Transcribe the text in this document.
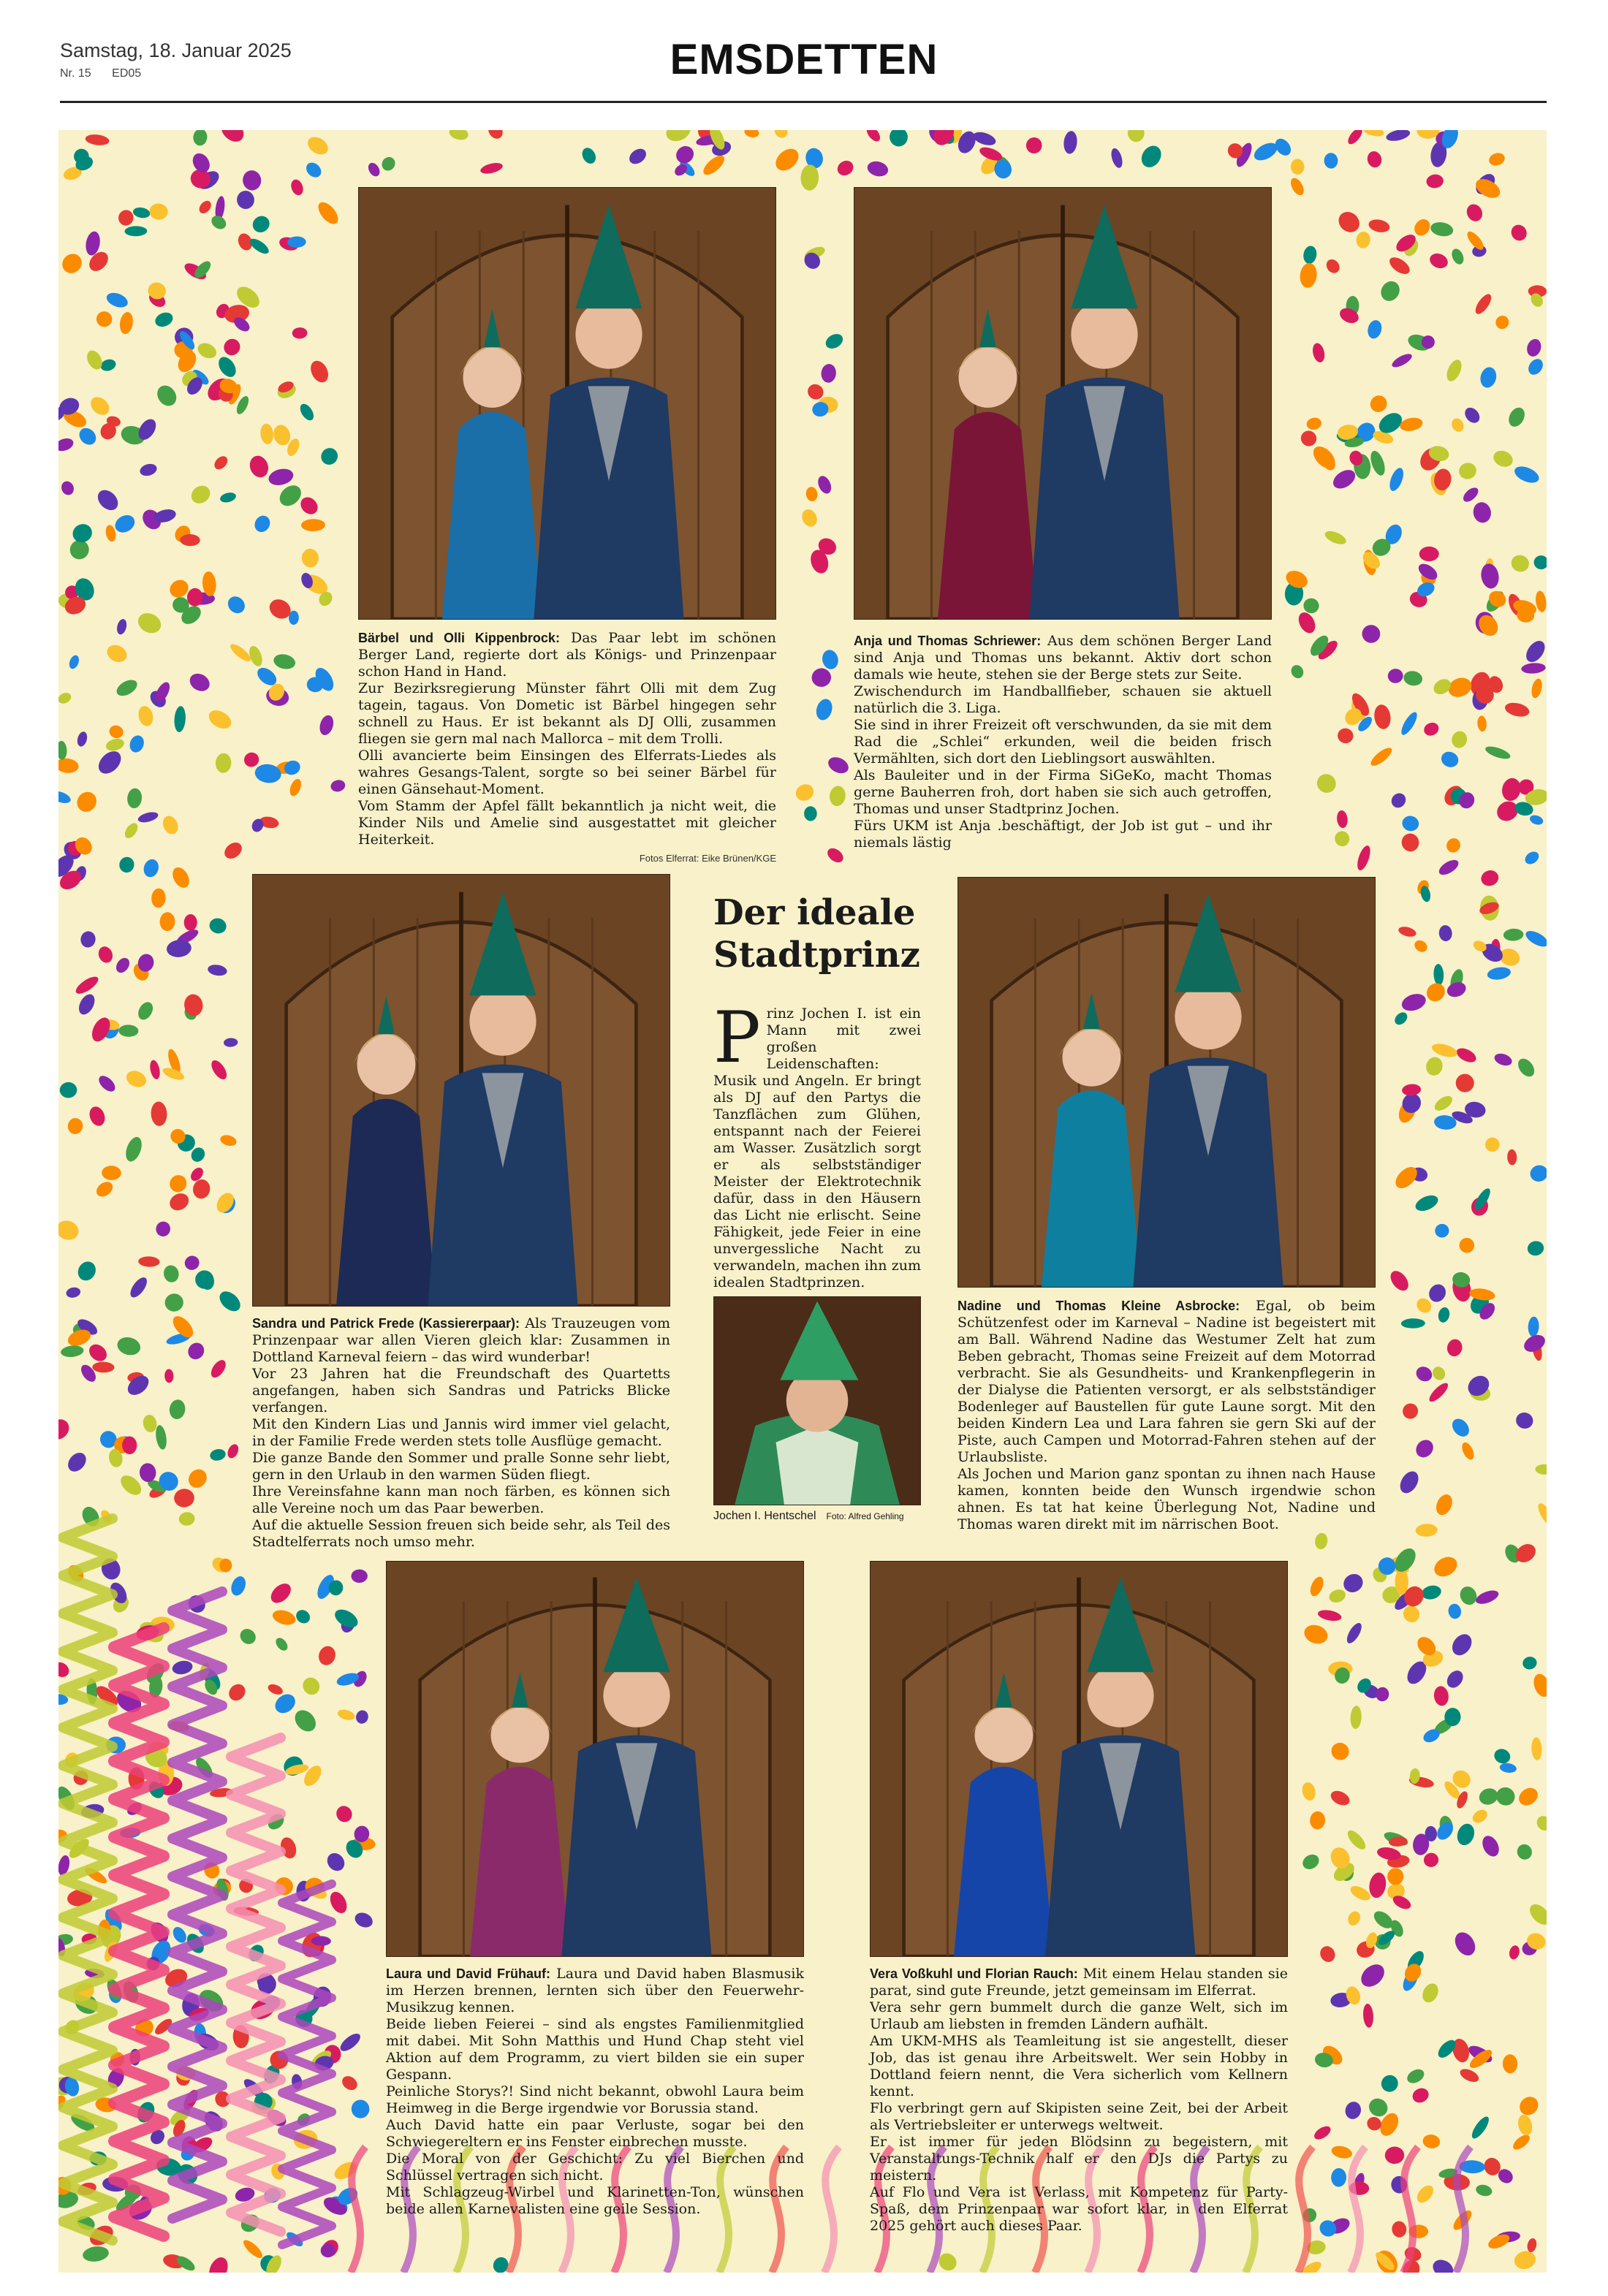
Samstag, 18. Januar 2025
Nr. 15 ED05	EMSDETTEN

Bärbel und Olli Kippenbrock: Das Paar lebt im schönen Berger Land, regierte dort als Königs- und Prinzenpaar schon Hand in Hand.

Zur Bezirksregierung Münster fährt Olli mit dem Zug tagein, tagaus. Von Dometic ist Bärbel hingegen sehr schnell zu Haus. Er ist bekannt als DJ Olli, zusammen fliegen sie gern mal nach Mallorca – mit dem Trolli.

Olli avancierte beim Einsingen des Elferrats-Liedes als wahres Gesangs-Talent, sorgte so bei seiner Bärbel für einen Gänsehaut-Moment.

Vom Stamm der Apfel fällt bekanntlich ja nicht weit, die Kinder Nils und Amelie sind ausgestattet mit gleicher Heiterkeit.

Fotos Elferrat: Eike Brünen/KGE

Anja und Thomas Schriewer: Aus dem schönen Berger Land sind Anja und Thomas uns bekannt. Aktiv dort schon damals wie heute, stehen sie der Berge stets zur Seite.

Zwischendurch im Handballfieber, schauen sie aktuell natürlich die 3. Liga.

Sie sind in ihrer Freizeit oft verschwunden, da sie mit dem Rad die „Schlei“ erkunden, weil die beiden frisch Vermählten, sich dort den Lieblingsort auswählten.

Als Bauleiter und in der Firma SiGeKo, macht Thomas gerne Bauherren froh, dort haben sie sich auch getroffen, Thomas und unser Stadtprinz Jochen.

Fürs UKM ist Anja .beschäftigt, der Job ist gut – und ihr niemals lästig

Sandra und Patrick Frede (Kassiererpaar): Als Trauzeugen vom Prinzenpaar war allen Vieren gleich klar: Zusammen in Dottland Karneval feiern – das wird wunderbar!

Vor 23 Jahren hat die Freundschaft des Quartetts angefangen, haben sich Sandras und Patricks Blicke verfangen.

Mit den Kindern Lias und Jannis wird immer viel gelacht, in der Familie Frede werden stets tolle Ausflüge gemacht.

Die ganze Bande den Sommer und pralle Sonne sehr liebt, gern in den Urlaub in den warmen Süden fliegt.

Ihre Vereinsfahne kann man noch färben, es können sich alle Vereine noch um das Paar bewerben.

Auf die aktuelle Session freuen sich beide sehr, als Teil des Stadtelferrats noch umso mehr.

Nadine und Thomas Kleine Asbrocke: Egal, ob beim Schützenfest oder im Karneval – Nadine ist begeistert mit am Ball. Während Nadine das Westumer Zelt hat zum Beben gebracht, Thomas seine Freizeit auf dem Motorrad verbracht. Sie als Gesundheits- und Krankenpflegerin in der Dialyse die Patienten versorgt, er als selbstständiger Bodenleger auf Baustellen für gute Laune sorgt. Mit den beiden Kindern Lea und Lara fahren sie gern Ski auf der Piste, auch Campen und Motorrad-Fahren stehen auf der Urlaubsliste.

Als Jochen und Marion ganz spontan zu ihnen nach Hause kamen, konnten beide den Wunsch irgendwie schon ahnen. Es tat hat keine Überlegung Not, Nadine und Thomas waren direkt mit im närrischen Boot.

Laura und David Frühauf: Laura und David haben Blasmusik im Herzen brennen, lernten sich über den Feuerwehr-Musikzug kennen.

Beide lieben Feierei – sind als engstes Familienmitglied mit dabei. Mit Sohn Matthis und Hund Chap steht viel Aktion auf dem Programm, zu viert bilden sie ein super Gespann.

Peinliche Storys?! Sind nicht bekannt, obwohl Laura beim Heimweg in die Berge irgendwie vor Borussia stand.

Auch David hatte ein paar Verluste, sogar bei den Schwiegereltern er ins Fenster einbrechen musste.

Die Moral von der Geschicht: Zu viel Bierchen und Schlüssel vertragen sich nicht.

Mit Schlagzeug-Wirbel und Klarinetten-Ton, wünschen beide allen Karnevalisten eine geile Session.

Vera Voßkuhl und Florian Rauch: Mit einem Helau standen sie parat, sind gute Freunde, jetzt gemeinsam im Elferrat.

Vera sehr gern bummelt durch die ganze Welt, sich im Urlaub am liebsten in fremden Ländern aufhält.

Am UKM-MHS als Teamleitung ist sie angestellt, dieser Job, das ist genau ihre Arbeitswelt. Wer sein Hobby in Dottland feiern nennt, die Vera sicherlich vom Kellnern kennt.

Flo verbringt gern auf Skipisten seine Zeit, bei der Arbeit als Vertriebsleiter er unterwegs weltweit.

Er ist immer für jeden Blödsinn zu begeistern, mit Veranstaltungs-Technik half er den DJs die Partys zu meistern.

Auf Flo und Vera ist Verlass, mit Kompetenz für Party-Spaß, dem Prinzenpaar war sofort klar, in den Elferrat 2025 gehört auch dieses Paar.

Der ideale
Stadtprinz
Prinz Jochen I. ist ein Mann mit zwei großen Leidenschaften: Musik und Angeln. Er bringt als DJ auf den Partys die Tanzflächen zum Glühen, entspannt nach der Feierei am Wasser. Zusätzlich sorgt er als selbstständiger Meister der Elektrotechnik dafür, dass in den Häusern das Licht nie erlischt. Seine Fähigkeit, jede Feier in eine unvergessliche Nacht zu verwandeln, machen ihn zum idealen Stadtprinzen.
Jochen I. Hentschel Foto: Alfred Gehling
